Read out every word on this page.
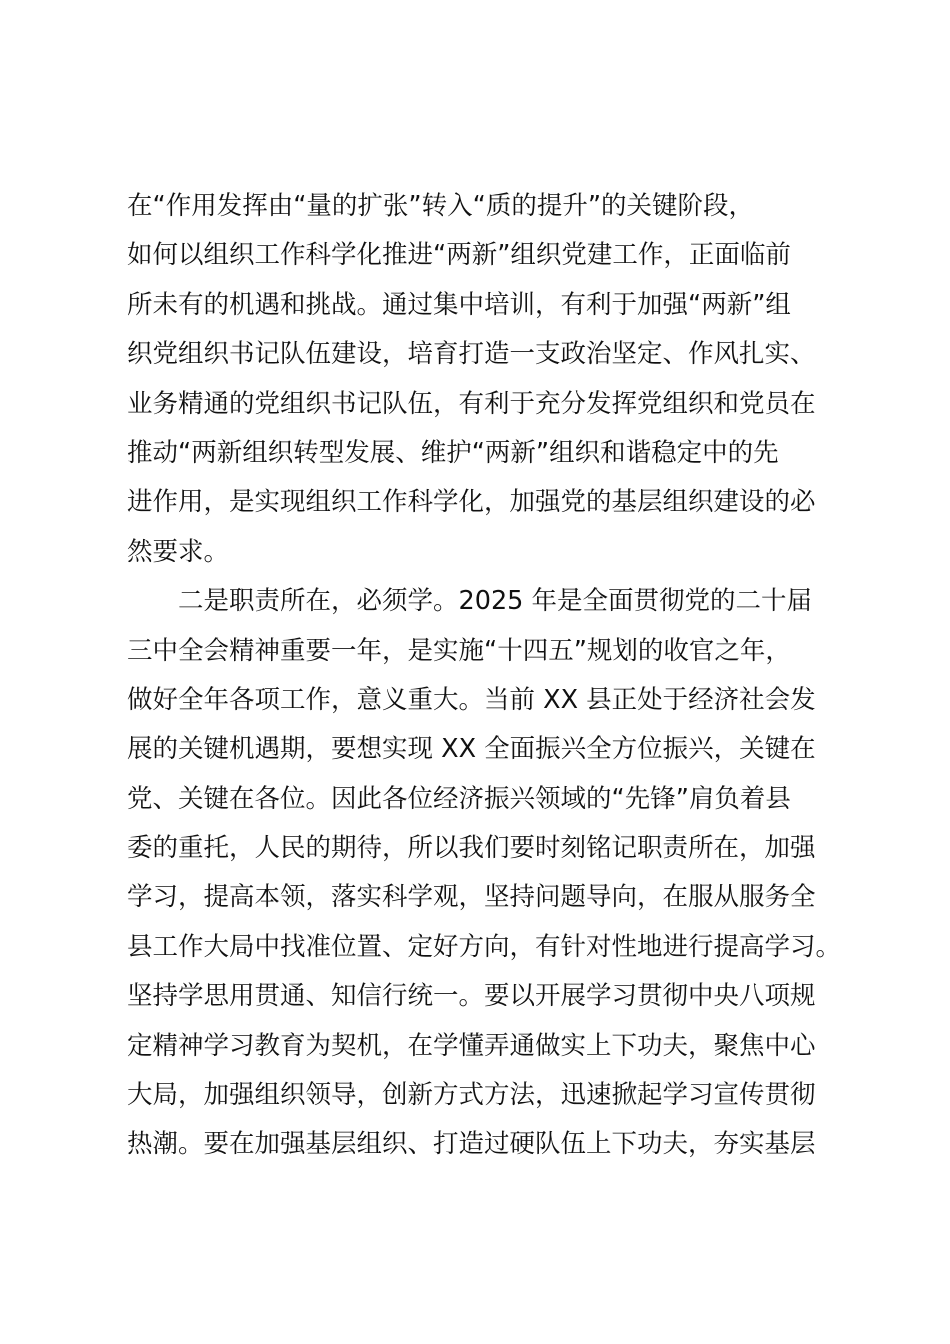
在“作用发挥由“量的扩张”转入“质的提升”的关键阶段，
如何以组织工作科学化推进“两新”组织党建工作，正面临前
所未有的机遇和挑战。通过集中培训，有利于加强“两新”组
织党组织书记队伍建设，培育打造一支政治坚定、作风扎实、
业务精通的党组织书记队伍，有利于充分发挥党组织和党员在
推动“两新组织转型发展、维护“两新”组织和谐稳定中的先
进作用，是实现组织工作科学化，加强党的基层组织建设的必
然要求。
　　二是职责所在，必须学。2025 年是全面贯彻党的二十届
三中全会精神重要一年，是实施“十四五”规划的收官之年，
做好全年各项工作，意义重大。当前 XX 县正处于经济社会发
展的关键机遇期，要想实现 XX 全面振兴全方位振兴，关键在
党、关键在各位。因此各位经济振兴领域的“先锋”肩负着县
委的重托，人民的期待，所以我们要时刻铭记职责所在，加强
学习，提高本领，落实科学观，坚持问题导向，在服从服务全
县工作大局中找准位置、定好方向，有针对性地进行提高学习。
坚持学思用贯通、知信行统一。要以开展学习贯彻中央八项规
定精神学习教育为契机，在学懂弄通做实上下功夫，聚焦中心
大局，加强组织领导，创新方式方法，迅速掀起学习宣传贯彻
热潮。要在加强基层组织、打造过硬队伍上下功夫，夯实基层
